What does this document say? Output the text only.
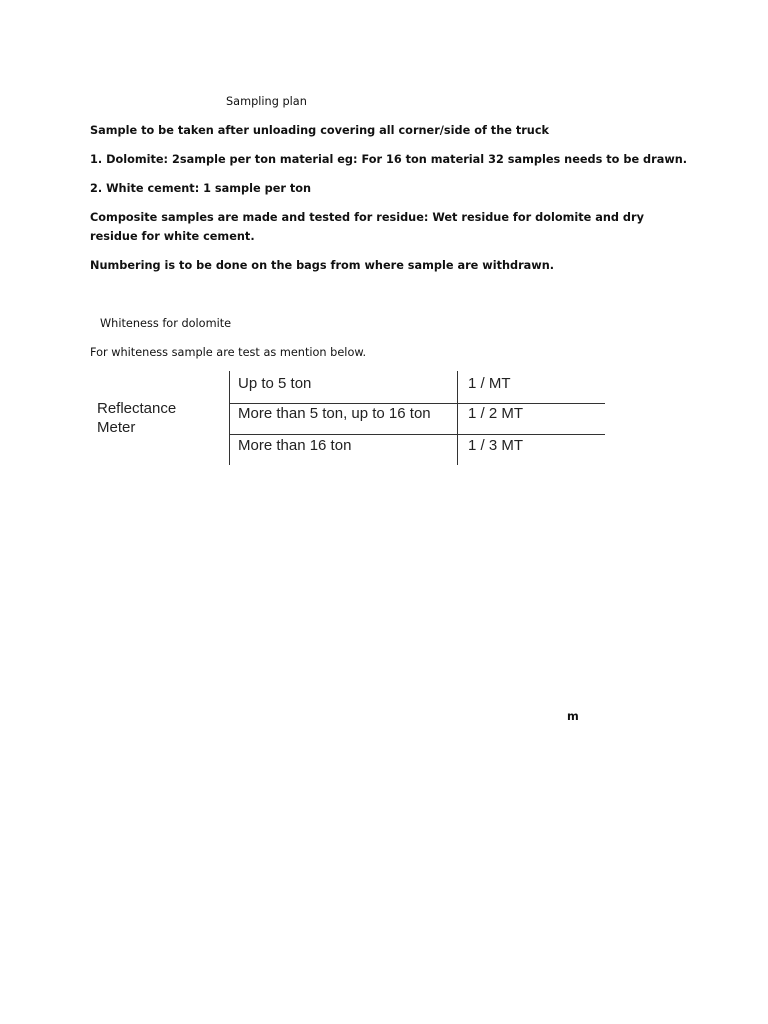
Sampling plan
Sample to be taken after unloading covering all corner/side of the truck
1. Dolomite: 2sample per ton material eg: For 16 ton material 32 samples needs to be drawn.
2. White cement: 1 sample per ton
Composite samples are made and tested for residue: Wet residue for dolomite and dry residue for white cement.
Numbering is to be done on the bags from where sample are withdrawn.
Whiteness for dolomite
For whiteness sample are test as mention below.
Reflectance
Meter
Up to 5 ton	1 / MT
More than 5 ton, up to 16 ton 1 / 2 MT
More than 16 ton	1 / 3 MT
m
